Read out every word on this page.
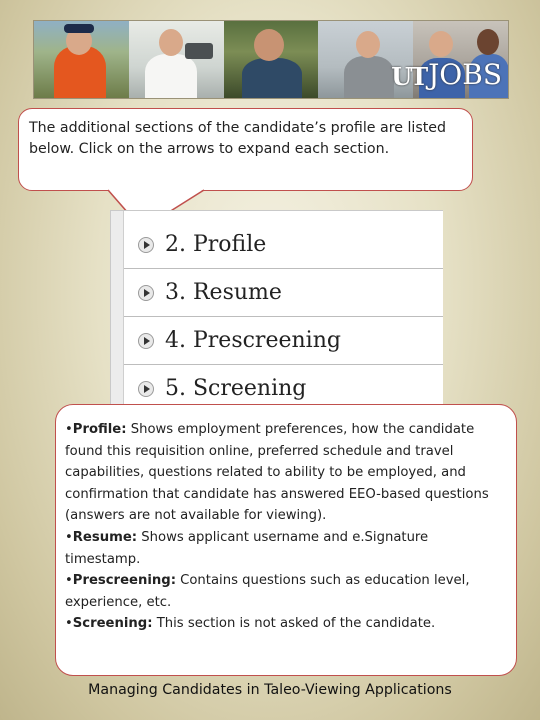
UT JOBS
The additional sections of the candidate’s profile are listed below. Click on the arrows to expand each section.
2. Profile
3. Resume
4. Prescreening
5. Screening

•Profile: Shows employment preferences, how the candidate found this requisition online, preferred schedule and travel capabilities, questions related to ability to be employed, and confirmation that candidate has answered EEO-based questions (answers are not available for viewing).

•Resume: Shows applicant username and e.Signature timestamp.

•Prescreening: Contains questions such as education level, experience, etc.

•Screening: This section is not asked of the candidate.

Managing Candidates in Taleo-Viewing Applications
